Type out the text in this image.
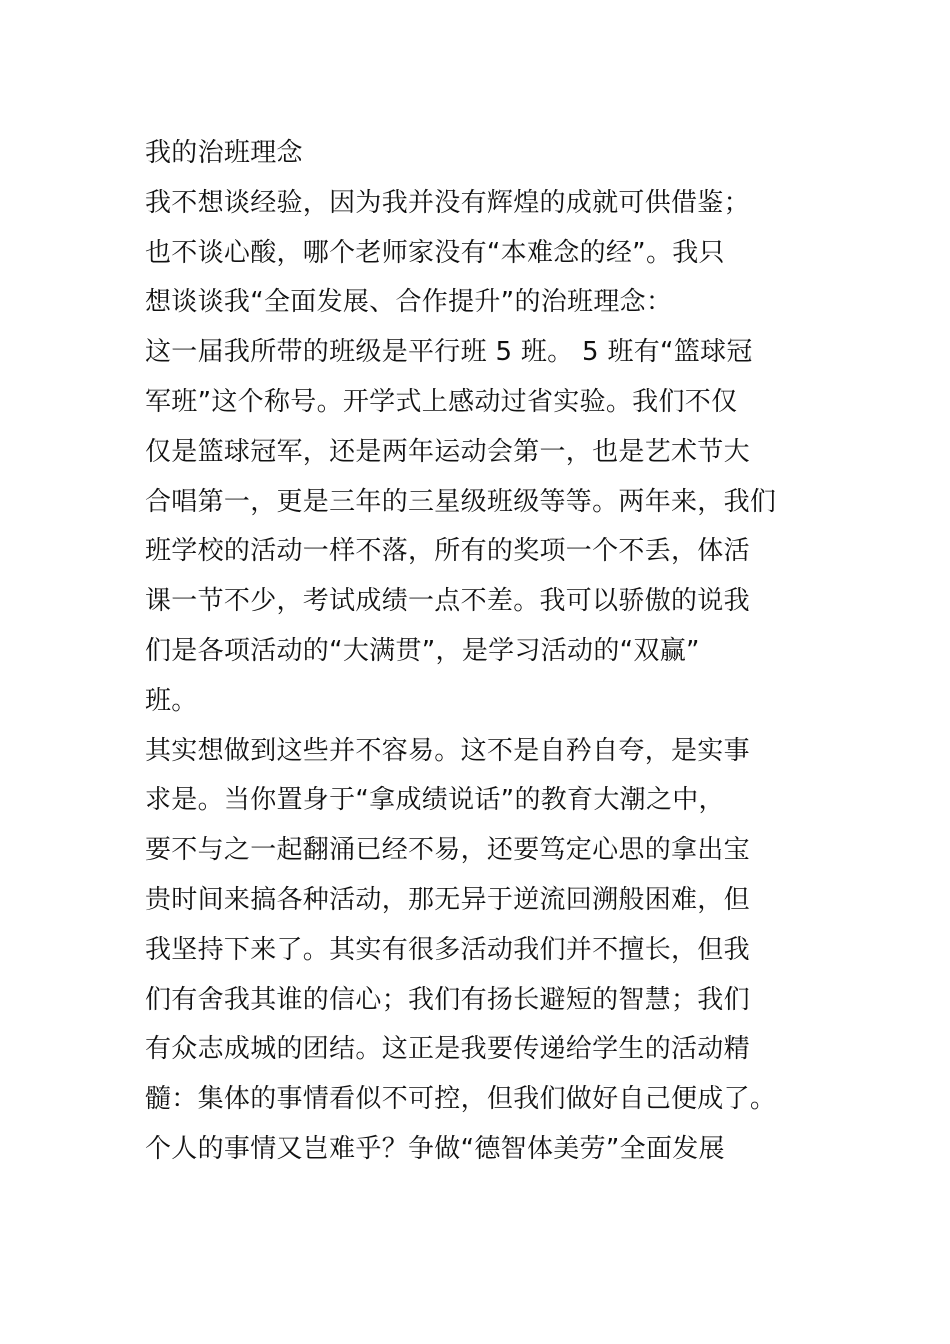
我的治班理念
我不想谈经验，因为我并没有辉煌的成就可供借鉴；
也不谈心酸，哪个老师家没有“本难念的经”。我只
想谈谈我“全面发展、合作提升”的治班理念：
这一届我所带的班级是平行班 5 班。 5 班有“篮球冠
军班”这个称号。开学式上感动过省实验。我们不仅
仅是篮球冠军，还是两年运动会第一，也是艺术节大
合唱第一，更是三年的三星级班级等等。两年来，我们
班学校的活动一样不落，所有的奖项一个不丢，体活
课一节不少，考试成绩一点不差。我可以骄傲的说我
们是各项活动的“大满贯”，是学习活动的“双赢”
班。
其实想做到这些并不容易。这不是自矜自夸，是实事
求是。当你置身于“拿成绩说话”的教育大潮之中，
要不与之一起翻涌已经不易，还要笃定心思的拿出宝
贵时间来搞各种活动，那无异于逆流回溯般困难，但
我坚持下来了。其实有很多活动我们并不擅长，但我
们有舍我其谁的信心；我们有扬长避短的智慧；我们
有众志成城的团结。这正是我要传递给学生的活动精
髓：集体的事情看似不可控，但我们做好自己便成了。
个人的事情又岂难乎？争做“德智体美劳”全面发展
